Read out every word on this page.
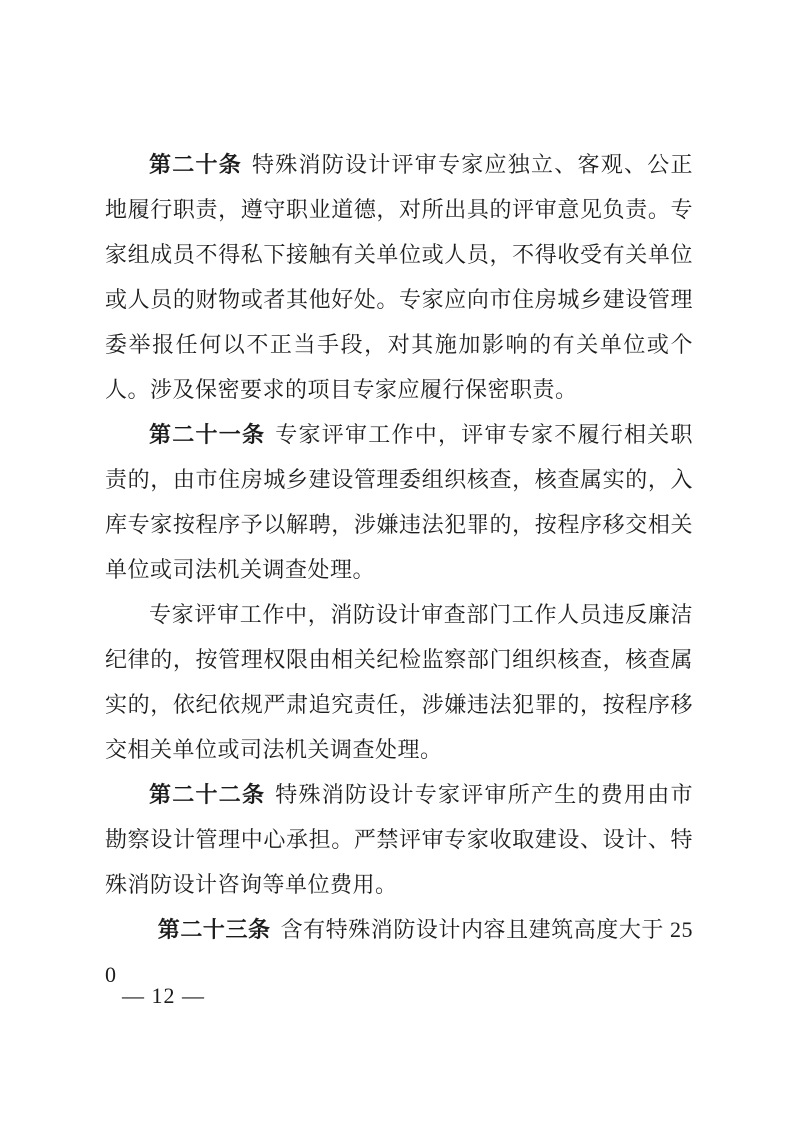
第二十条 特殊消防设计评审专家应独立、客观、公正地履行职责，遵守职业道德，对所出具的评审意见负责。专家组成员不得私下接触有关单位或人员，不得收受有关单位或人员的财物或者其他好处。专家应向市住房城乡建设管理委举报任何以不正当手段，对其施加影响的有关单位或个人。涉及保密要求的项目专家应履行保密职责。

第二十一条 专家评审工作中，评审专家不履行相关职责的，由市住房城乡建设管理委组织核查，核查属实的，入库专家按程序予以解聘，涉嫌违法犯罪的，按程序移交相关单位或司法机关调查处理。

专家评审工作中，消防设计审查部门工作人员违反廉洁纪律的，按管理权限由相关纪检监察部门组织核查，核查属实的，依纪依规严肃追究责任，涉嫌违法犯罪的，按程序移交相关单位或司法机关调查处理。

第二十二条 特殊消防设计专家评审所产生的费用由市勘察设计管理中心承担。严禁评审专家收取建设、设计、特殊消防设计咨询等单位费用。

第二十三条 含有特殊消防设计内容且建筑高度大于 250

— 12 —
